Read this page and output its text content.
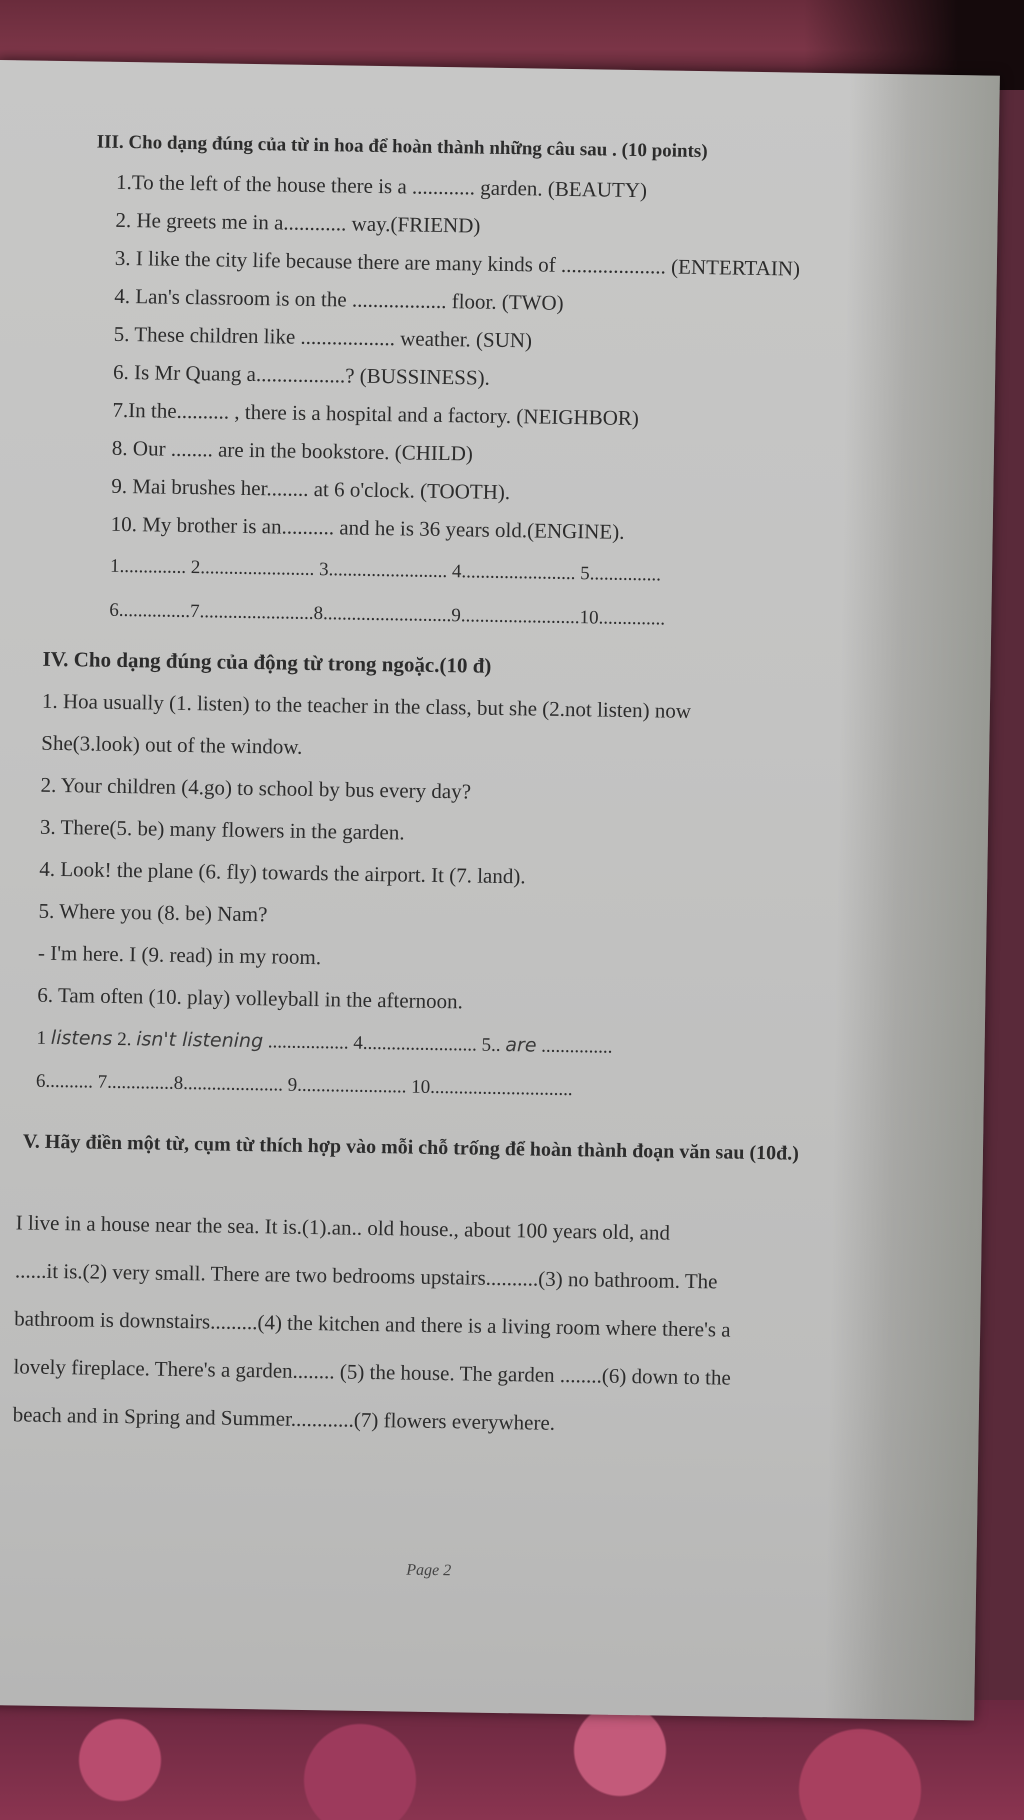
III. Cho dạng đúng của từ in hoa để hoàn thành những câu sau . (10 points)
1.To the left of the house there is a ............ garden. (BEAUTY)
2. He greets me in a............ way.(FRIEND)
3. I like the city life because there are many kinds of .................... (ENTERTAIN)
4. Lan's classroom is on the .................. floor. (TWO)
5. These children like .................. weather. (SUN)
6. Is Mr Quang a.................? (BUSSINESS).
7.In the.......... , there is a hospital and a factory. (NEIGHBOR)
8. Our ........ are in the bookstore. (CHILD)
9. Mai brushes her........ at 6 o'clock. (TOOTH).
10. My brother is an.......... and he is 36 years old.(ENGINE).
1.............. 2........................ 3......................... 4........................ 5...............
6...............7........................8...........................9.........................10..............
IV. Cho dạng đúng của động từ trong ngoặc.(10 đ)
1. Hoa usually (1. listen) to the teacher in the class, but she (2.not listen) now
She(3.look) out of the window.
2. Your children (4.go) to school by bus every day?
3. There(5. be) many flowers in the garden.
4. Look! the plane (6. fly) towards the airport. It (7. land).
5. Where you (8. be) Nam?
- I'm here. I (9. read) in my room.
6. Tam often (10. play) volleyball in the afternoon.
1 listens 2. isn't listening ................. 4........................ 5.. are ...............
6.......... 7..............8..................... 9....................... 10..............................
V. Hãy điền một từ, cụm từ thích hợp vào mỗi chỗ trống để hoàn thành đoạn văn sau (10đ.)
I live in a house near the sea. It is.(1).an.. old house., about 100 years old, and
......it is.(2) very small. There are two bedrooms upstairs..........(3) no bathroom. The
bathroom is downstairs.........(4) the kitchen and there is a living room where there's a
lovely fireplace. There's a garden........ (5) the house. The garden ........(6) down to the
beach and in Spring and Summer............(7) flowers everywhere.
Page 2
